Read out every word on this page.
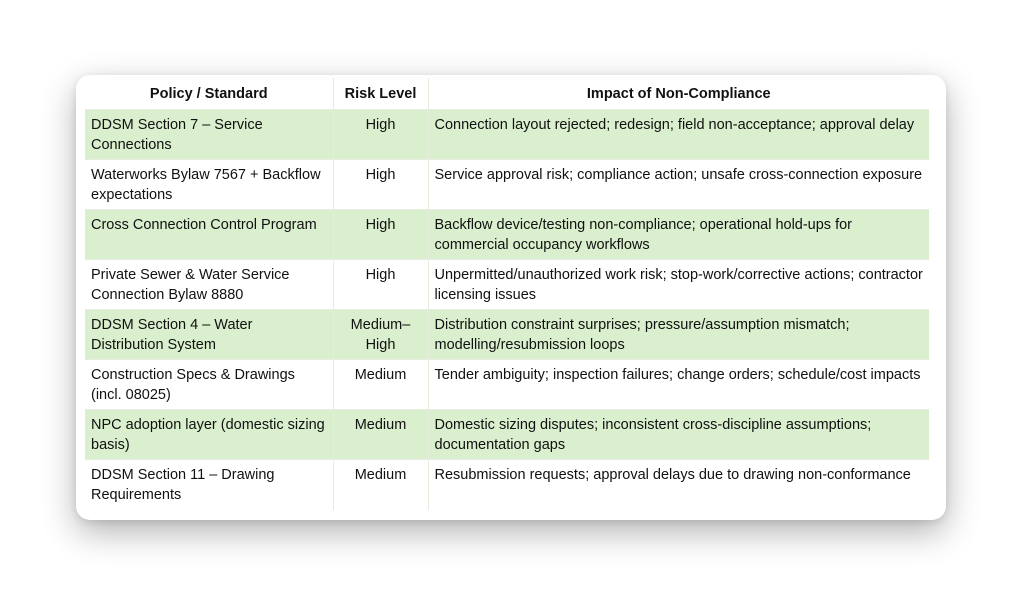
Policy / Standard	Risk Level	Impact of Non-Compliance
DDSM Section 7 – Service Connections	High	Connection layout rejected; redesign; field non-acceptance; approval delay
Waterworks Bylaw 7567 + Backflow expectations	High	Service approval risk; compliance action; unsafe cross-connection exposure
Cross Connection Control Program	High	Backflow device/testing non-compliance; operational hold-ups for commercial occupancy workflows
Private Sewer & Water Service Connection Bylaw 8880	High	Unpermitted/unauthorized work risk; stop-work/corrective actions; contractor licensing issues
DDSM Section 4 – Water Distribution System	Medium–High	Distribution constraint surprises; pressure/assumption mismatch; modelling/resubmission loops
Construction Specs & Drawings (incl. 08025)	Medium	Tender ambiguity; inspection failures; change orders; schedule/cost impacts
NPC adoption layer (domestic sizing basis)	Medium	Domestic sizing disputes; inconsistent cross-discipline assumptions; documentation gaps
DDSM Section 11 – Drawing Requirements	Medium	Resubmission requests; approval delays due to drawing non-conformance
